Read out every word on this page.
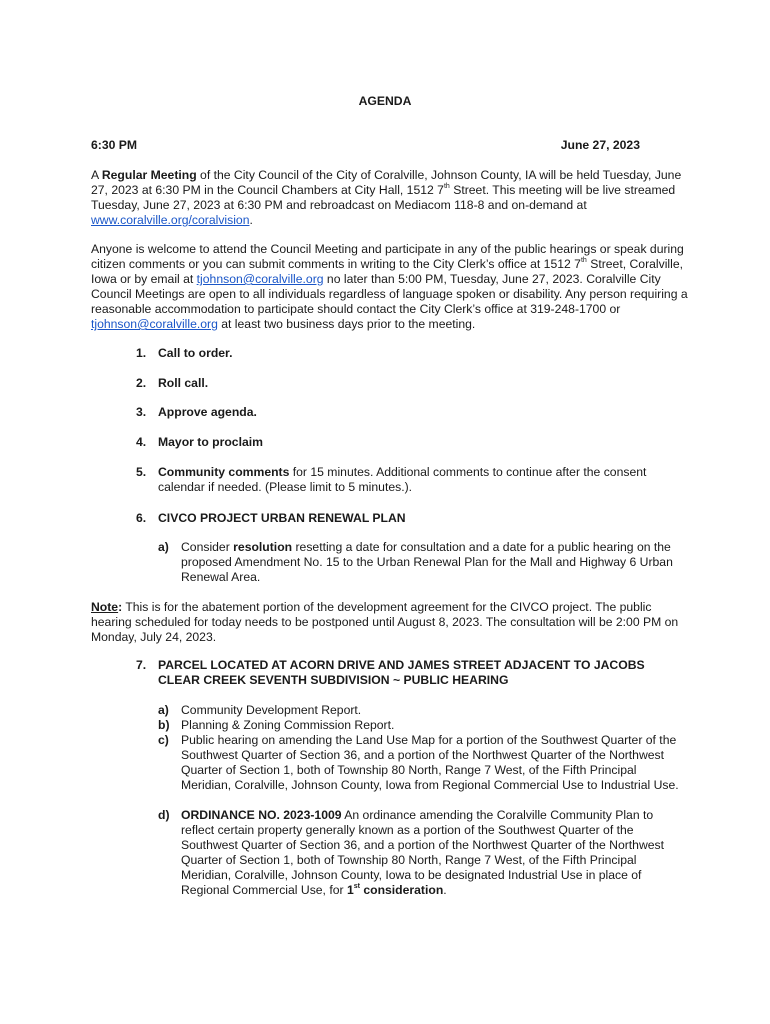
AGENDA
6:30 PM	June 27, 2023

A Regular Meeting of the City Council of the City of Coralville, Johnson County, IA will be held Tuesday, June 27, 2023 at 6:30 PM in the Council Chambers at City Hall, 1512 7th Street. This meeting will be live streamed Tuesday, June 27, 2023 at 6:30 PM and rebroadcast on Mediacom 118-8 and on-demand at www.coralville.org/coralvision.

Anyone is welcome to attend the Council Meeting and participate in any of the public hearings or speak during citizen comments or you can submit comments in writing to the City Clerk’s office at 1512 7th Street, Coralville, Iowa or by email at tjohnson@coralville.org no later than 5:00 PM, Tuesday, June 27, 2023. Coralville City Council Meetings are open to all individuals regardless of language spoken or disability. Any person requiring a reasonable accommodation to participate should contact the City Clerk’s office at 319-248-1700 or tjohnson@coralville.org at least two business days prior to the meeting.

1. Call to order.
2. Roll call.
3. Approve agenda.
4. Mayor to proclaim
5. Community comments for 15 minutes. Additional comments to continue after the consent calendar if needed. (Please limit to 5 minutes.).
6. CIVCO PROJECT URBAN RENEWAL PLAN
a) Consider resolution resetting a date for consultation and a date for a public hearing on the proposed Amendment No. 15 to the Urban Renewal Plan for the Mall and Highway 6 Urban Renewal Area.

Note: This is for the abatement portion of the development agreement for the CIVCO project. The public hearing scheduled for today needs to be postponed until August 8, 2023. The consultation will be 2:00 PM on Monday, July 24, 2023.

7. PARCEL LOCATED AT ACORN DRIVE AND JAMES STREET ADJACENT TO JACOBS CLEAR CREEK SEVENTH SUBDIVISION ~ PUBLIC HEARING
a) Community Development Report.
b) Planning & Zoning Commission Report.
c) Public hearing on amending the Land Use Map for a portion of the Southwest Quarter of the Southwest Quarter of Section 36, and a portion of the Northwest Quarter of the Northwest Quarter of Section 1, both of Township 80 North, Range 7 West, of the Fifth Principal Meridian, Coralville, Johnson County, Iowa from Regional Commercial Use to Industrial Use.
d) ORDINANCE NO. 2023-1009 An ordinance amending the Coralville Community Plan to reflect certain property generally known as a portion of the Southwest Quarter of the Southwest Quarter of Section 36, and a portion of the Northwest Quarter of the Northwest Quarter of Section 1, both of Township 80 North, Range 7 West, of the Fifth Principal Meridian, Coralville, Johnson County, Iowa to be designated Industrial Use in place of Regional Commercial Use, for 1st consideration.
